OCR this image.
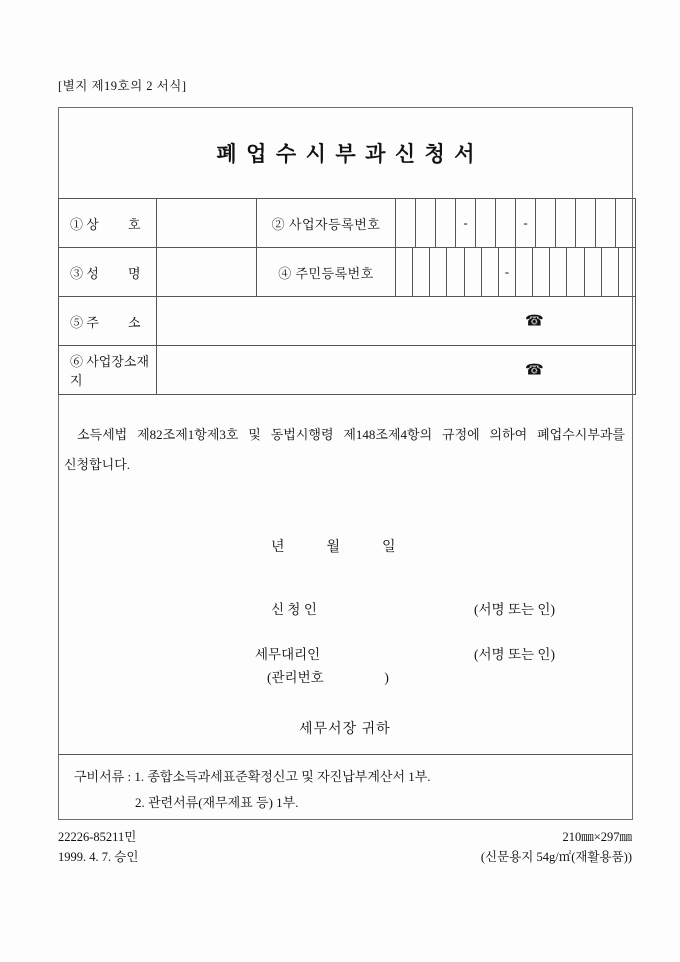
[별지 제19호의 2 서식]
폐업수시부과신청서
① 상         호		② 사업자등록번호	- -

③ 성         명		④ 주민등록번호	-

⑤ 주         소	☎		

⑥ 사업장소재지	☎		
소득세법 제82조제1항제3호 및 동법시행령 제148조제4항의 규정에 의하여 폐업수시부과를
신청합니다.
년            월            일
신 청 인	(서명 또는 인)
세무대리인	(서명 또는 인)
(관리번호                  )
세무서장 귀하
구비서류 : 1. 종합소득과세표준확정신고 및 자진납부계산서 1부.
2. 관련서류(재무제표 등) 1부.
22226-85211민
1999. 4. 7. 승인
210㎜×297㎜
(신문용지 54g/㎡(재활용품))
